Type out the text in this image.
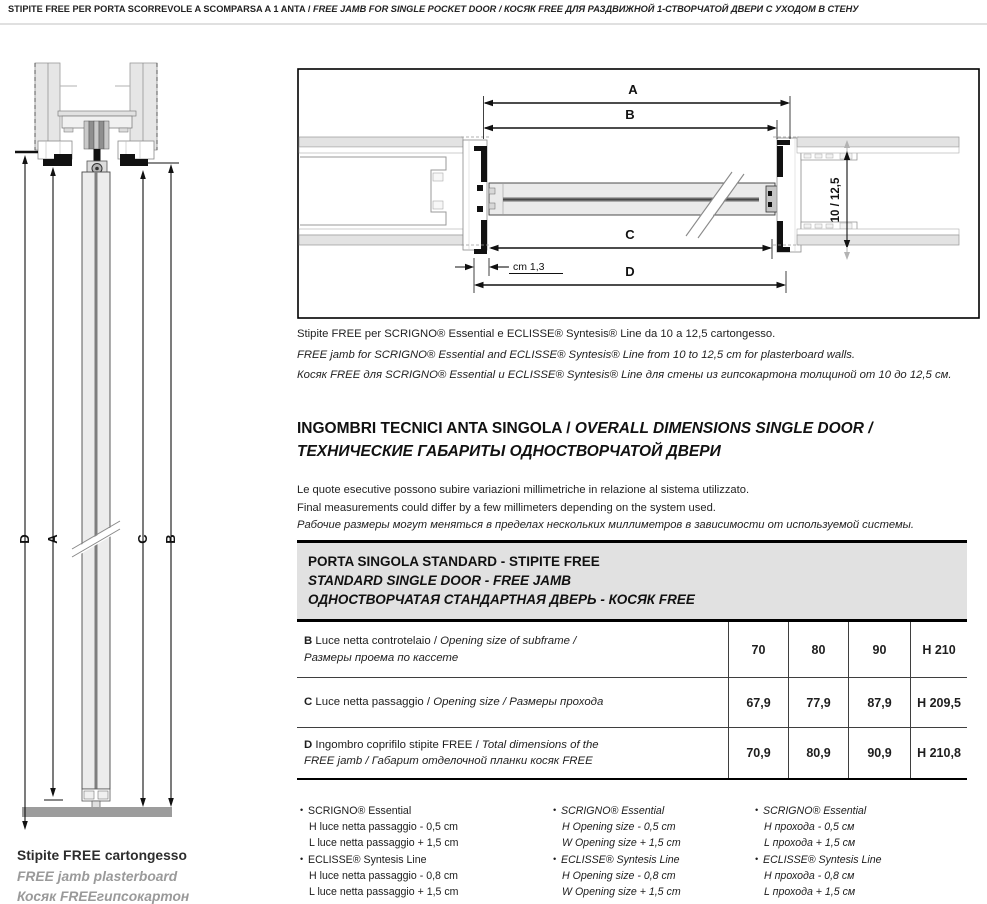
STIPITE FREE PER PORTA SCORREVOLE A SCOMPARSA A 1 ANTA / FREE JAMB FOR SINGLE POCKET DOOR / КОСЯК FREE ДЛЯ РАЗДВИЖНОЙ 1-СТВОРЧАТОЙ ДВЕРИ С УХОДОМ В СТЕНУ
D A	C B
A
B
C
cm 1,3	D
10 / 12,5
Stipite FREE per SCRIGNO® Essential e ECLISSE® Syntesis® Line da 10 a 12,5 cartongesso.
FREE jamb for SCRIGNO® Essential and ECLISSE® Syntesis® Line from 10 to 12,5 cm for plasterboard walls.
Косяк FREE для SCRIGNO® Essential и ECLISSE® Syntesis® Line для стены из гипсокартона толщиной от 10 до 12,5 см.
INGOMBRI TECNICI ANTA SINGOLA / OVERALL DIMENSIONS SINGLE DOOR /
ТЕХНИЧЕСКИЕ ГАБАРИТЫ ОДНОСТВОРЧАТОЙ ДВЕРИ
Le quote esecutive possono subire variazioni millimetriche in relazione al sistema utilizzato.
Final measurements could differ by a few millimeters depending on the system used.
Рабочие размеры могут меняться в пределах нескольких миллиметров в зависимости от используемой системы.
PORTA SINGOLA STANDARD - STIPITE FREE
STANDARD SINGLE DOOR - FREE JAMB
ОДНОСТВОРЧАТАЯ СТАНДАРТНАЯ ДВЕРЬ - КОСЯК FREE
B Luce netta controtelaio / Opening size of subframe /
Размеры проема по кассете
70	80	90	H 210
C Luce netta passaggio / Opening size / Размеры прохода	67,9	77,9	87,9	H 209,5
D Ingombro coprifilo stipite FREE / Total dimensions of the
FREE jamb / Габарит отделочной планки косяк FREE
70,9	80,9	90,9	H 210,8
• SCRIGNO® Essential
H luce netta passaggio - 0,5 cm
L luce netta passaggio + 1,5 cm
• ECLISSE® Syntesis Line
H luce netta passaggio - 0,8 cm
L luce netta passaggio + 1,5 cm
• SCRIGNO® Essential
H Opening size - 0,5 cm
W Opening size + 1,5 cm
• ECLISSE® Syntesis Line
H Opening size - 0,8 cm
W Opening size + 1,5 cm
• SCRIGNO® Essential
H прохода - 0,5 см
L прохода + 1,5 см
• ECLISSE® Syntesis Line
H прохода - 0,8 см
L прохода + 1,5 см
Stipite FREE cartongesso
FREE jamb plasterboard
Косяк FREEгипсокартон
